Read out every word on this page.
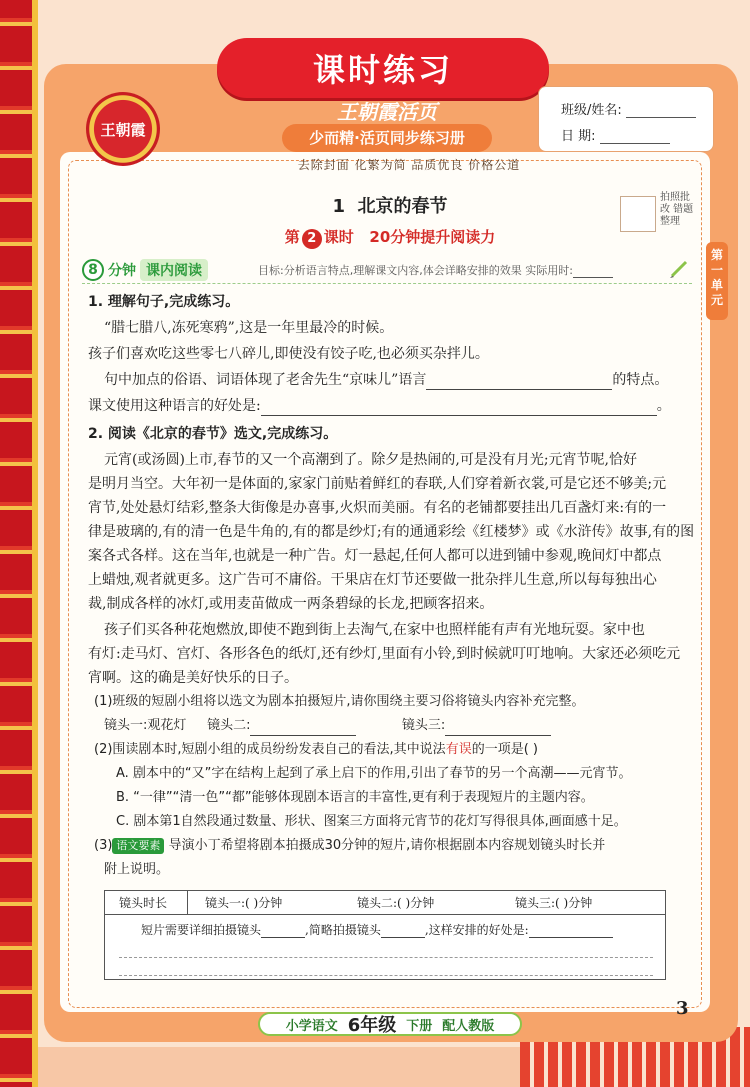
课时练习
王朝霞
王朝霞活页
少而精·活页同步练习册
班级/姓名:
日 期:
去除封面 化繁为简 品质优良 价格公道
1 北京的春节
第 2 课时 20分钟提升阅读力
拍照批改 错题整理
第一单元
8 分钟 课内阅读	目标:分析语言特点,理解课文内容,体会详略安排的效果 实际用时:
1. 理解句子,完成练习。
“腊七腊八,冻死寒鸦”,这是一年里最冷的时候。
孩子们喜欢吃这些零七八碎儿,即使没有饺子吃,也必须买杂拌儿。
句中加点的俗语、词语体现了老舍先生“京味儿”语言	的特点。
课文使用这种语言的好处是:	。
2. 阅读《北京的春节》选文,完成练习。
元宵(或汤圆)上市,春节的又一个高潮到了。除夕是热闹的,可是没有月光;元宵节呢,恰好
是明月当空。大年初一是体面的,家家门前贴着鲜红的春联,人们穿着新衣裳,可是它还不够美;元
宵节,处处悬灯结彩,整条大街像是办喜事,火炽而美丽。有名的老铺都要挂出几百盏灯来:有的一
律是玻璃的,有的清一色是牛角的,有的都是纱灯;有的通通彩绘《红楼梦》或《水浒传》故事,有的图
案各式各样。这在当年,也就是一种广告。灯一悬起,任何人都可以进到铺中参观,晚间灯中都点
上蜡烛,观者就更多。这广告可不庸俗。干果店在灯节还要做一批杂拌儿生意,所以每每独出心
裁,制成各样的冰灯,或用麦苗做成一两条碧绿的长龙,把顾客招来。
孩子们买各种花炮燃放,即使不跑到街上去淘气,在家中也照样能有声有光地玩耍。家中也
有灯:走马灯、宫灯、各形各色的纸灯,还有纱灯,里面有小铃,到时候就叮叮地响。大家还必须吃元
宵啊。这的确是美好快乐的日子。
(1)班级的短剧小组将以选文为剧本拍摄短片,请你围绕主要习俗将镜头内容补充完整。
镜头一:观花灯 镜头二:	镜头三:
(2)围读剧本时,短剧小组的成员纷纷发表自己的看法,其中说法有误的一项是( )
A. 剧本中的“又”字在结构上起到了承上启下的作用,引出了春节的另一个高潮——元宵节。
B. “一律”“清一色”“都”能够体现剧本语言的丰富性,更有利于表现短片的主题内容。
C. 剧本第1自然段通过数量、形状、图案三方面将元宵节的花灯写得很具体,画面感十足。
(3) 语文要素 导演小丁希望将剧本拍摄成30分钟的短片,请你根据剧本内容规划镜头时长并
附上说明。
镜头时长	镜头一:( )分钟	镜头二:( )分钟	镜头三:( )分钟
短片需要详细拍摄镜头	,简略拍摄镜头	,这样安排的好处是:
小学语文 6年级 下册 配人教版
3
